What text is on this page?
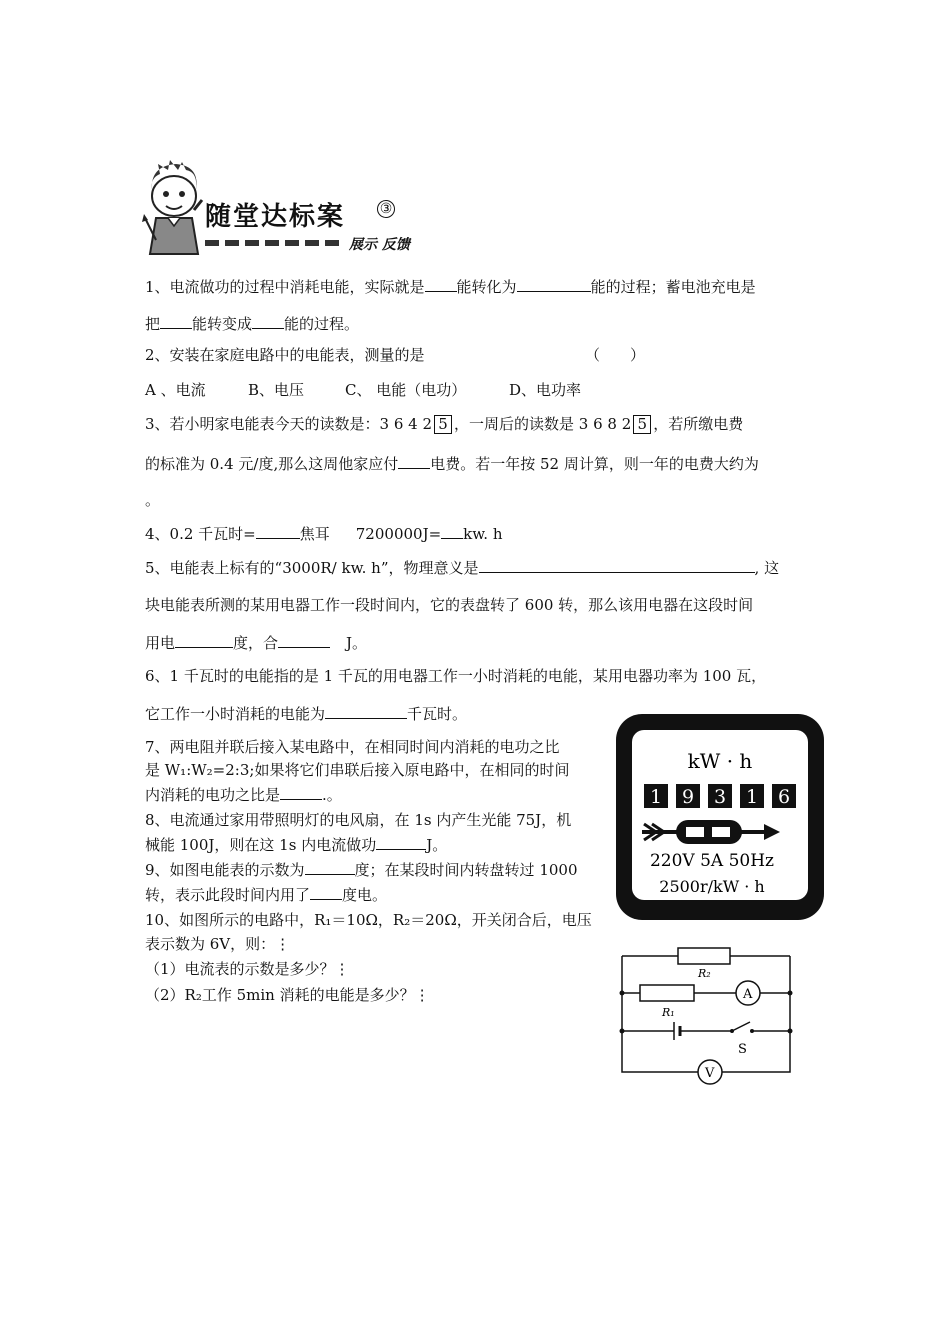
随堂达标案 ③
展示 反馈
1、电流做功的过程中消耗电能，实际就是 能转化为	能的过程；蓄电池充电是
把 能转变成 能的过程。
2、安装在家庭电路中的电能表，测量的是	（　　）
A 、电流	B、电压	C、 电能（电功）	D、电功率
3、若小明家电能表今天的读数是：3 6 4 2 5 ，一周后的读数是 3 6 8 2 5 ，若所缴电费
的标准为 0.4 元/度,那么这周他家应付 电费。若一年按 52 周计算，则一年的电费大约为
。
4、0.2 千瓦时=	焦耳 7200000J= kw. h
5、电能表上标有的“3000R/ kw. h”，物理意义是	, 这
块电能表所测的某用电器工作一段时间内，它的表盘转了 600 转，那么该用电器在这段时间
用电	度，合	J。
6、1 千瓦时的电能指的是 1 千瓦的用电器工作一小时消耗的电能，某用电器功率为 100 瓦，
它工作一小时消耗的电能为	千瓦时。
7、两电阻并联后接入某电路中，在相同时间内消耗的电功之比
是 W₁:W₂=2:3;如果将它们串联后接入原电路中，在相同的时间
内消耗的电功之比是	.。
8、电流通过家用带照明灯的电风扇，在 1s 内产生光能 75J，机
械能 100J，则在这 1s 内电流做功	J。
9、如图电能表的示数为	度；在某段时间内转盘转过 1000
转，表示此段时间内用了 度电。
10、如图所示的电路中，R₁＝10Ω，R₂＝20Ω，开关闭合后，电压
表示数为 6V，则：⋮
（1）电流表的示数是多少？⋮
（2）R₂工作 5min 消耗的电能是多少？⋮
kW · h
1 9 3 1 6
220V 5A 50Hz
2500r/kW · h
R₂
R₁
A
S
V
